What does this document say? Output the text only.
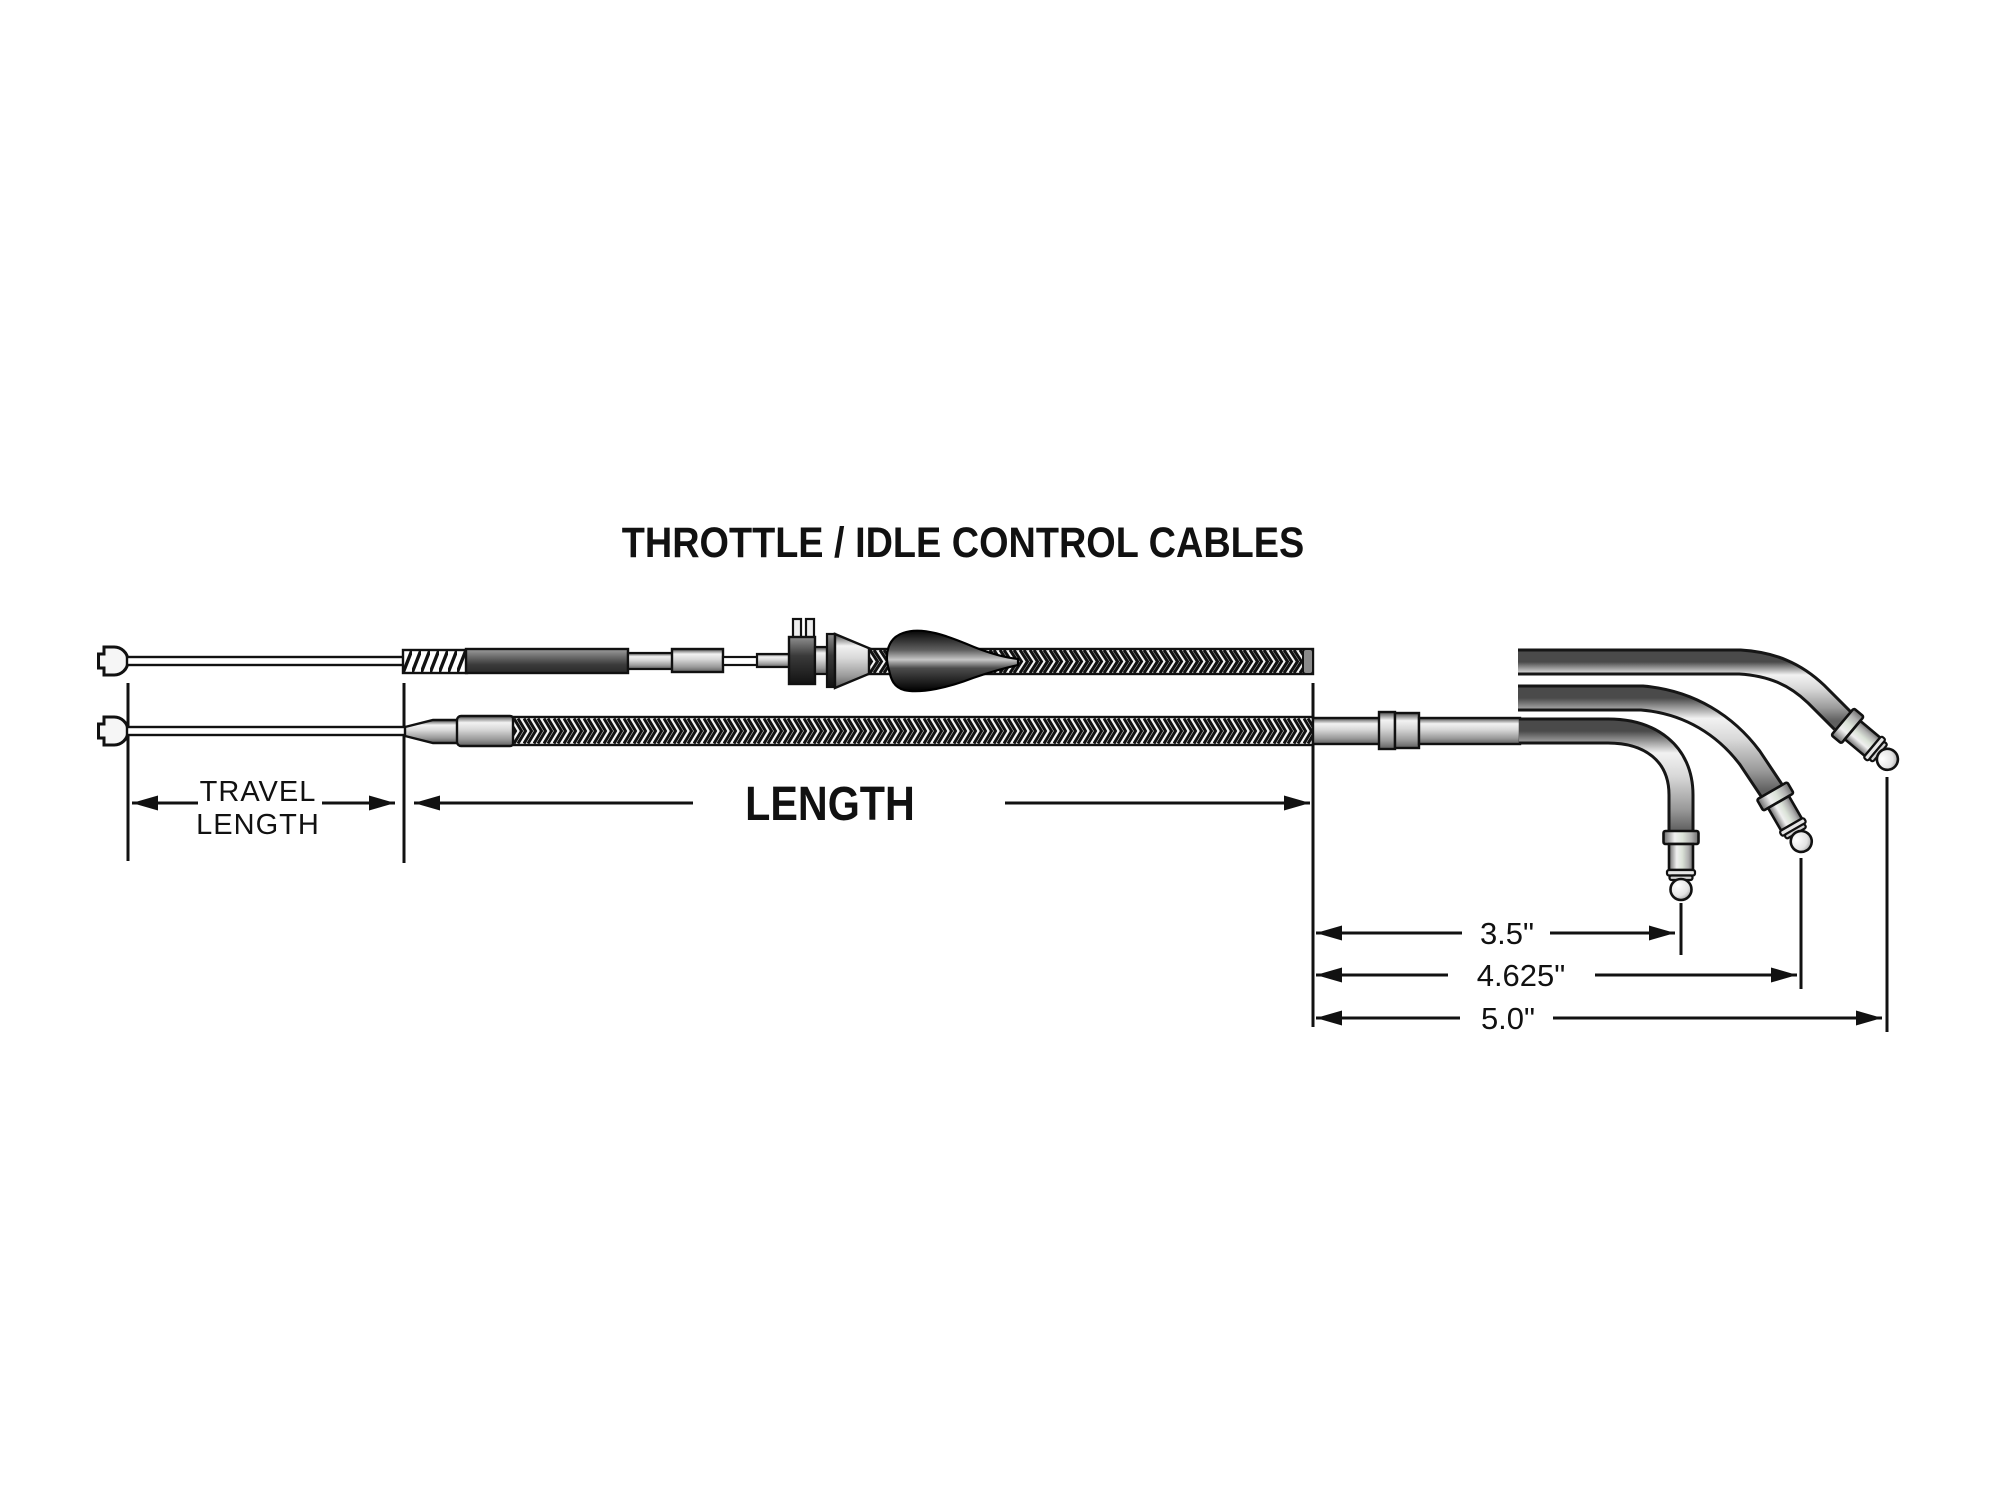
THROTTLE / IDLE CONTROL CABLES
TRAVEL
LENGTH	LENGTH
3.5"
4.625"
5.0"
